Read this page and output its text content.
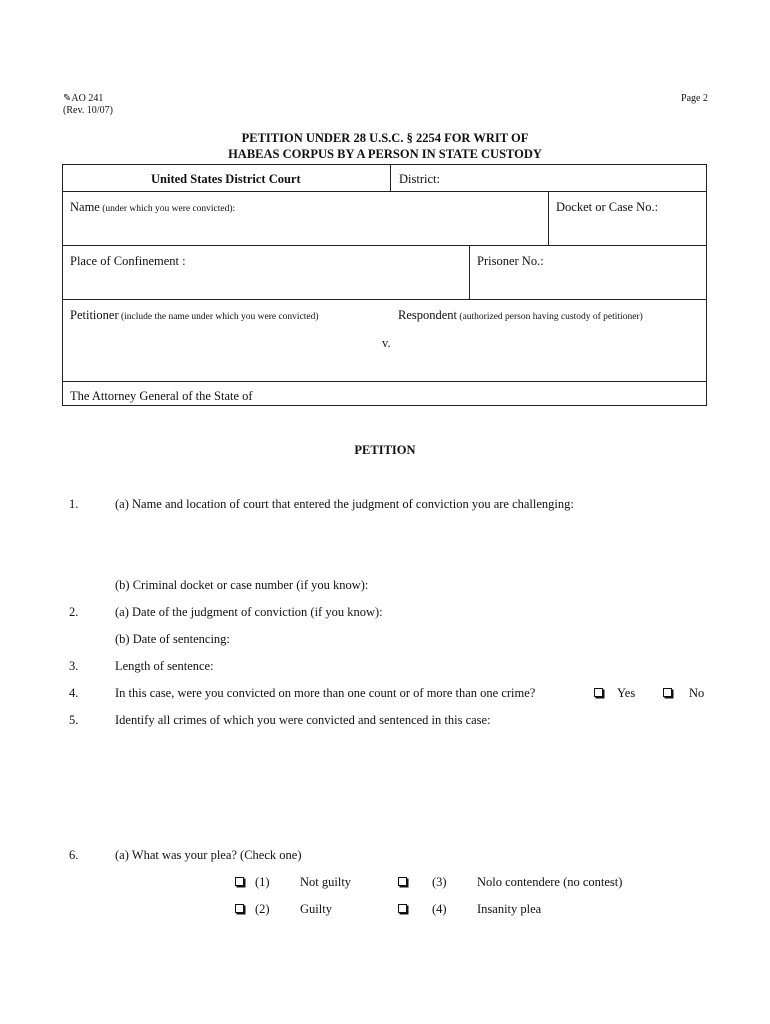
✎AO 241
(Rev. 10/07)
Page 2
PETITION UNDER 28 U.S.C. § 2254 FOR WRIT OF
HABEAS CORPUS BY A PERSON IN STATE CUSTODY
United States District Court	District:
Name (under which you were convicted):	Docket or Case No.:
Place of Confinement :	Prisoner No.:
Petitioner (include the name under which you were convicted)	Respondent (authorized person having custody of petitioner)
v.
The Attorney General of the State of
PETITION
1.	(a) Name and location of court that entered the judgment of conviction you are challenging:
(b) Criminal docket or case number (if you know):
2.	(a) Date of the judgment of conviction (if you know):
(b) Date of sentencing:
3.	Length of sentence:
4.	In this case, were you convicted on more than one count or of more than one crime?	Yes	No
5.	Identify all crimes of which you were convicted and sentenced in this case:
6.	(a) What was your plea? (Check one)
(1) Not guilty	(3) Nolo contendere (no contest)
(2) Guilty	(4) Insanity plea
